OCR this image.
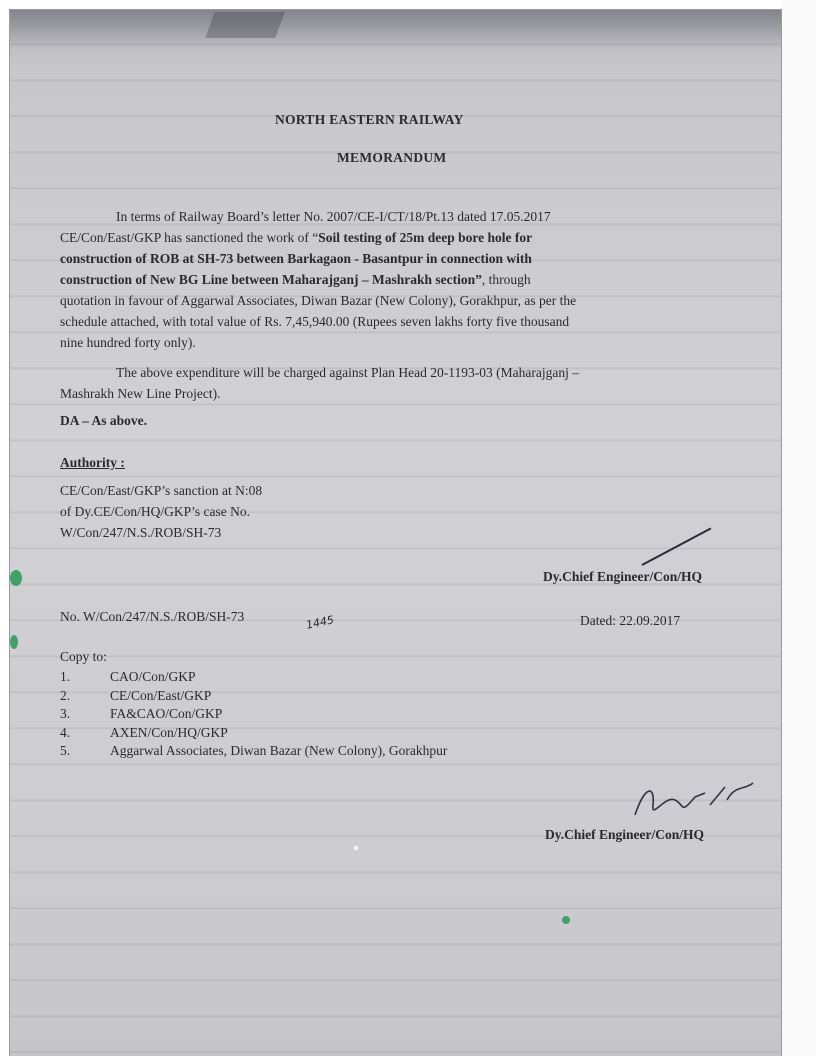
NORTH EASTERN RAILWAY
MEMORANDUM
In terms of Railway Board’s letter No. 2007/CE-I/CT/18/Pt.13 dated 17.05.2017
CE/Con/East/GKP has sanctioned the work of “Soil testing of 25m deep bore hole for
construction of ROB at SH-73 between Barkagaon - Basantpur in connection with
construction of New BG Line between Maharajganj – Mashrakh section”, through
quotation in favour of Aggarwal Associates, Diwan Bazar (New Colony), Gorakhpur, as per the
schedule attached, with total value of Rs. 7,45,940.00 (Rupees seven lakhs forty five thousand
nine hundred forty only).
The above expenditure will be charged against Plan Head 20-1193-03 (Maharajganj –
Mashrakh New Line Project).
DA – As above.
Authority :
CE/Con/East/GKP’s sanction at N:08
of Dy.CE/Con/HQ/GKP’s case No.
W/Con/247/N.S./ROB/SH-73
Dy.Chief Engineer/Con/HQ
No. W/Con/247/N.S./ROB/SH-73	1445	Dated: 22.09.2017
Copy to:
1.	CAO/Con/GKP
2.	CE/Con/East/GKP
3.	FA&CAO/Con/GKP
4.	AXEN/Con/HQ/GKP
5.	Aggarwal Associates, Diwan Bazar (New Colony), Gorakhpur
Dy.Chief Engineer/Con/HQ
